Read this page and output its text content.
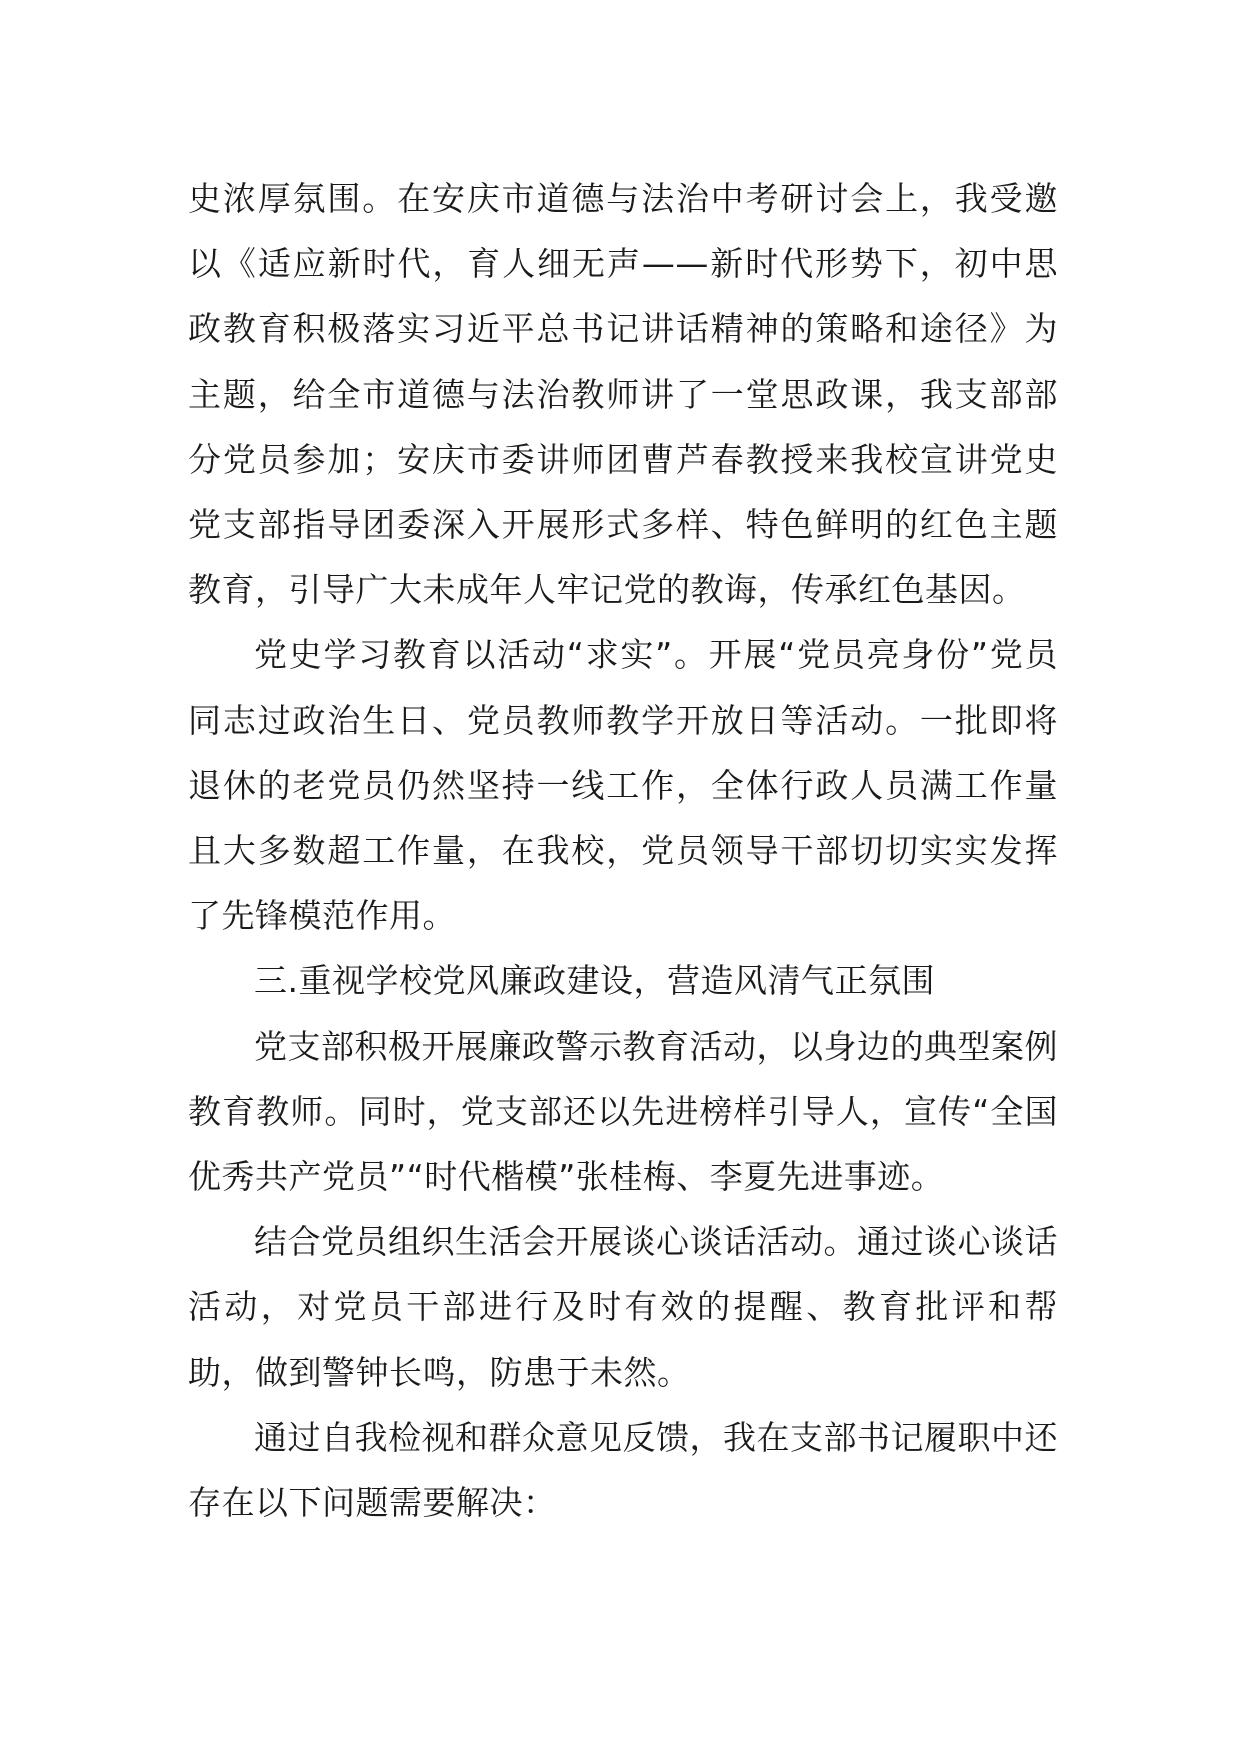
史浓厚氛围。在安庆市道德与法治中考研讨会上，我受邀以《适应新时代，育人细无声——新时代形势下，初中思政教育积极落实习近平总书记讲话精神的策略和途径》为主题，给全市道德与法治教师讲了一堂思政课，我支部部分党员参加；安庆市委讲师团曹芦春教授来我校宣讲党史党支部指导团委深入开展形式多样、特色鲜明的红色主题教育，引导广大未成年人牢记党的教诲，传承红色基因。

党史学习教育以活动“求实”。开展“党员亮身份”党员同志过政治生日、党员教师教学开放日等活动。一批即将退休的老党员仍然坚持一线工作，全体行政人员满工作量且大多数超工作量，在我校，党员领导干部切切实实发挥了先锋模范作用。

三.重视学校党风廉政建设，营造风清气正氛围

党支部积极开展廉政警示教育活动，以身边的典型案例教育教师。同时，党支部还以先进榜样引导人，宣传“全国优秀共产党员”“时代楷模”张桂梅、李夏先进事迹。

结合党员组织生活会开展谈心谈话活动。通过谈心谈话活动，对党员干部进行及时有效的提醒、教育批评和帮助，做到警钟长鸣，防患于未然。

通过自我检视和群众意见反馈，我在支部书记履职中还存在以下问题需要解决：
